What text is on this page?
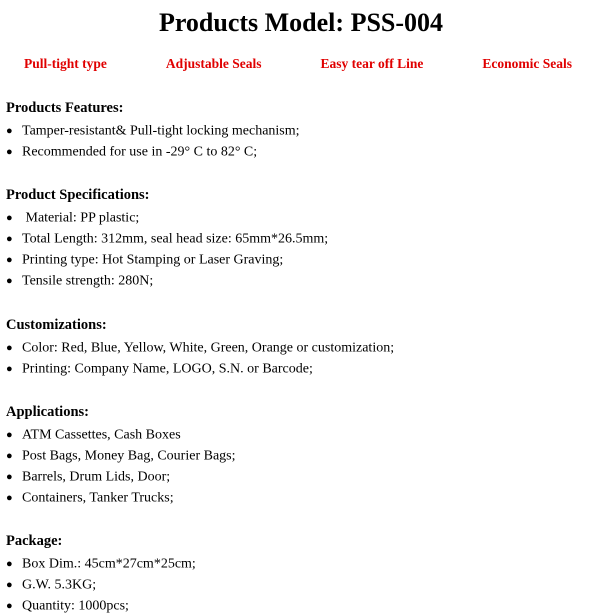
Products Model: PSS-004
Pull-tight type	Adjustable Seals	Easy tear off Line	Economic Seals
Products Features:
● Tamper-resistant& Pull-tight locking mechanism;
● Recommended for use in -29° C to 82° C;
Product Specifications:
● Material: PP plastic;
● Total Length: 312mm, seal head size: 65mm*26.5mm;
● Printing type: Hot Stamping or Laser Graving;
● Tensile strength: 280N;
Customizations:
● Color: Red, Blue, Yellow, White, Green, Orange or customization;
● Printing: Company Name, LOGO, S.N. or Barcode;
Applications:
● ATM Cassettes, Cash Boxes
● Post Bags, Money Bag, Courier Bags;
● Barrels, Drum Lids, Door;
● Containers, Tanker Trucks;
Package:
● Box Dim.: 45cm*27cm*25cm;
● G.W. 5.3KG;
● Quantity: 1000pcs;
